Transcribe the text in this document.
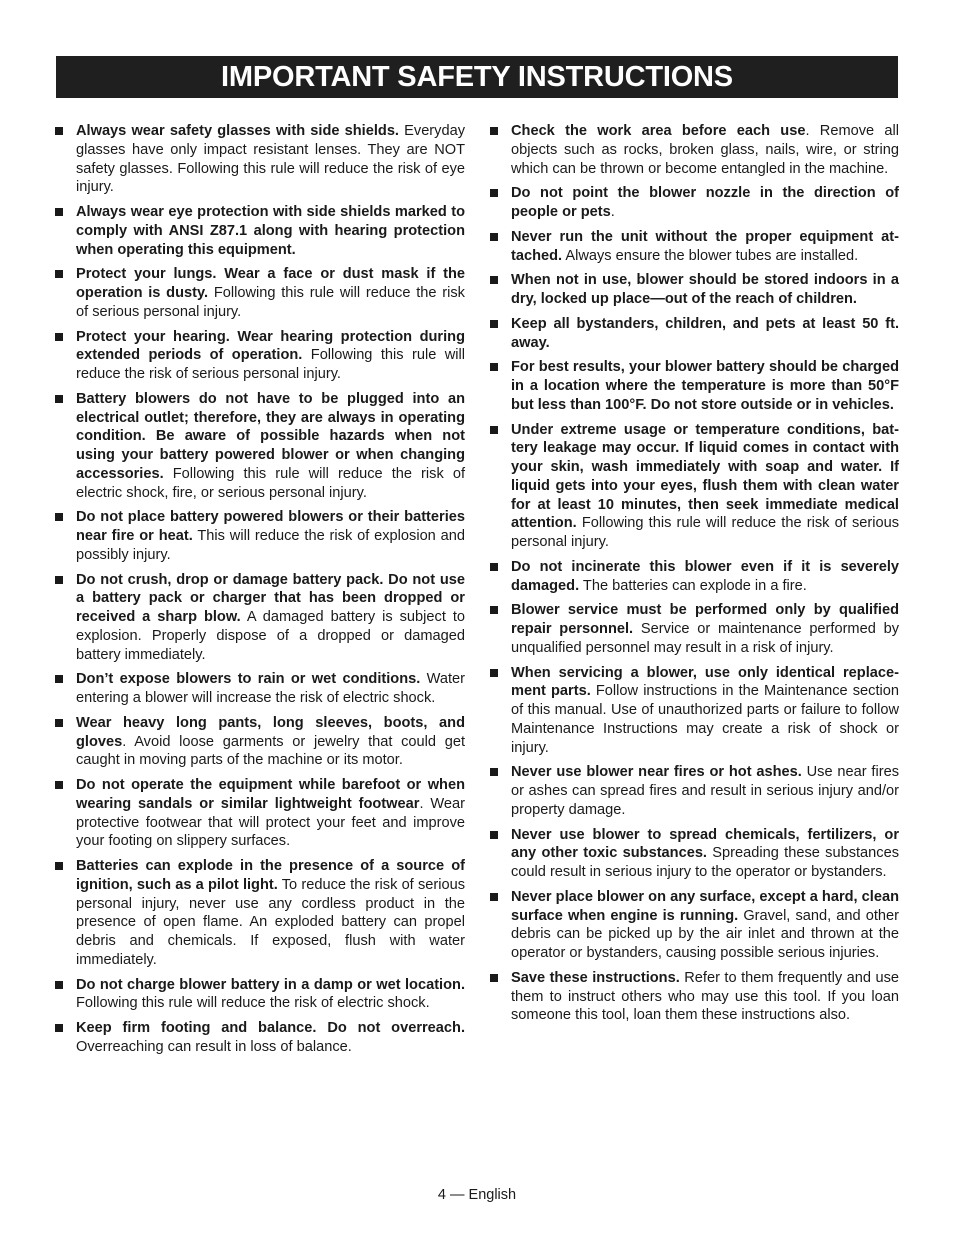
IMPORTANT SAFETY INSTRUCTIONS
Always wear safety glasses with side shields. Everyday glasses have only impact resistant lenses. They are NOT safety glasses. Following this rule will reduce the risk of eye injury.
Always wear eye protection with side shields marked to comply with ANSI Z87.1 along with hearing protection when operating this equipment.
Protect your lungs. Wear a face or dust mask if the operation is dusty. Following this rule will reduce the risk of serious personal injury.
Protect your hearing. Wear hearing protection during extended periods of operation. Following this rule will reduce the risk of serious personal injury.
Battery blowers do not have to be plugged into an electrical outlet; therefore, they are always in operating condition. Be aware of possible hazards when not using your battery powered blower or when changing accessories. Following this rule will reduce the risk of electric shock, fire, or serious personal injury.
Do not place battery powered blowers or their batteries near fire or heat. This will reduce the risk of explosion and possibly injury.
Do not crush, drop or damage battery pack. Do not use a battery pack or charger that has been dropped or received a sharp blow. A damaged battery is subject to explosion. Properly dispose of a dropped or damaged battery immediately.
Don’t expose blowers to rain or wet conditions. Water entering a blower will increase the risk of electric shock.
Wear heavy long pants, long sleeves, boots, and gloves. Avoid loose garments or jewelry that could get caught in moving parts of the machine or its motor.
Do not operate the equipment while barefoot or when wearing sandals or similar lightweight footwear. Wear protective footwear that will protect your feet and improve your footing on slippery surfaces.
Batteries can explode in the presence of a source of ignition, such as a pilot light. To reduce the risk of serious personal injury, never use any cordless product in the presence of open flame. An exploded battery can propel debris and chemicals. If exposed, flush with water immediately.
Do not charge blower battery in a damp or wet location. Following this rule will reduce the risk of electric shock.
Keep firm footing and balance. Do not overreach. Overreaching can result in loss of balance.
Check the work area before each use. Remove all objects such as rocks, broken glass, nails, wire, or string which can be thrown or become entangled in the machine.
Do not point the blower nozzle in the direction of people or pets.
Never run the unit without the proper equipment attached. Always ensure the blower tubes are installed.
When not in use, blower should be stored indoors in a dry, locked up place—out of the reach of children.
Keep all bystanders, children, and pets at least 50 ft. away.
For best results, your blower battery should be charged in a location where the temperature is more than 50°F but less than 100°F. Do not store outside or in vehicles.
Under extreme usage or temperature conditions, battery leakage may occur. If liquid comes in contact with your skin, wash immediately with soap and water. If liquid gets into your eyes, flush them with clean water for at least 10 minutes, then seek immediate medical attention. Following this rule will reduce the risk of serious personal injury.
Do not incinerate this blower even if it is severely damaged. The batteries can explode in a fire.
Blower service must be performed only by qualified repair personnel. Service or maintenance performed by unqualified personnel may result in a risk of injury.
When servicing a blower, use only identical replacement parts. Follow instructions in the Maintenance section of this manual. Use of unauthorized parts or failure to follow Maintenance Instructions may create a risk of shock or injury.
Never use blower near fires or hot ashes. Use near fires or ashes can spread fires and result in serious injury and/or property damage.
Never use blower to spread chemicals, fertilizers, or any other toxic substances. Spreading these substances could result in serious injury to the operator or bystanders.
Never place blower on any surface, except a hard, clean surface when engine is running. Gravel, sand, and other debris can be picked up by the air inlet and thrown at the operator or bystanders, causing possible serious injuries.
Save these instructions. Refer to them frequently and use them to instruct others who may use this tool. If you loan someone this tool, loan them these instructions also.
4 — English
